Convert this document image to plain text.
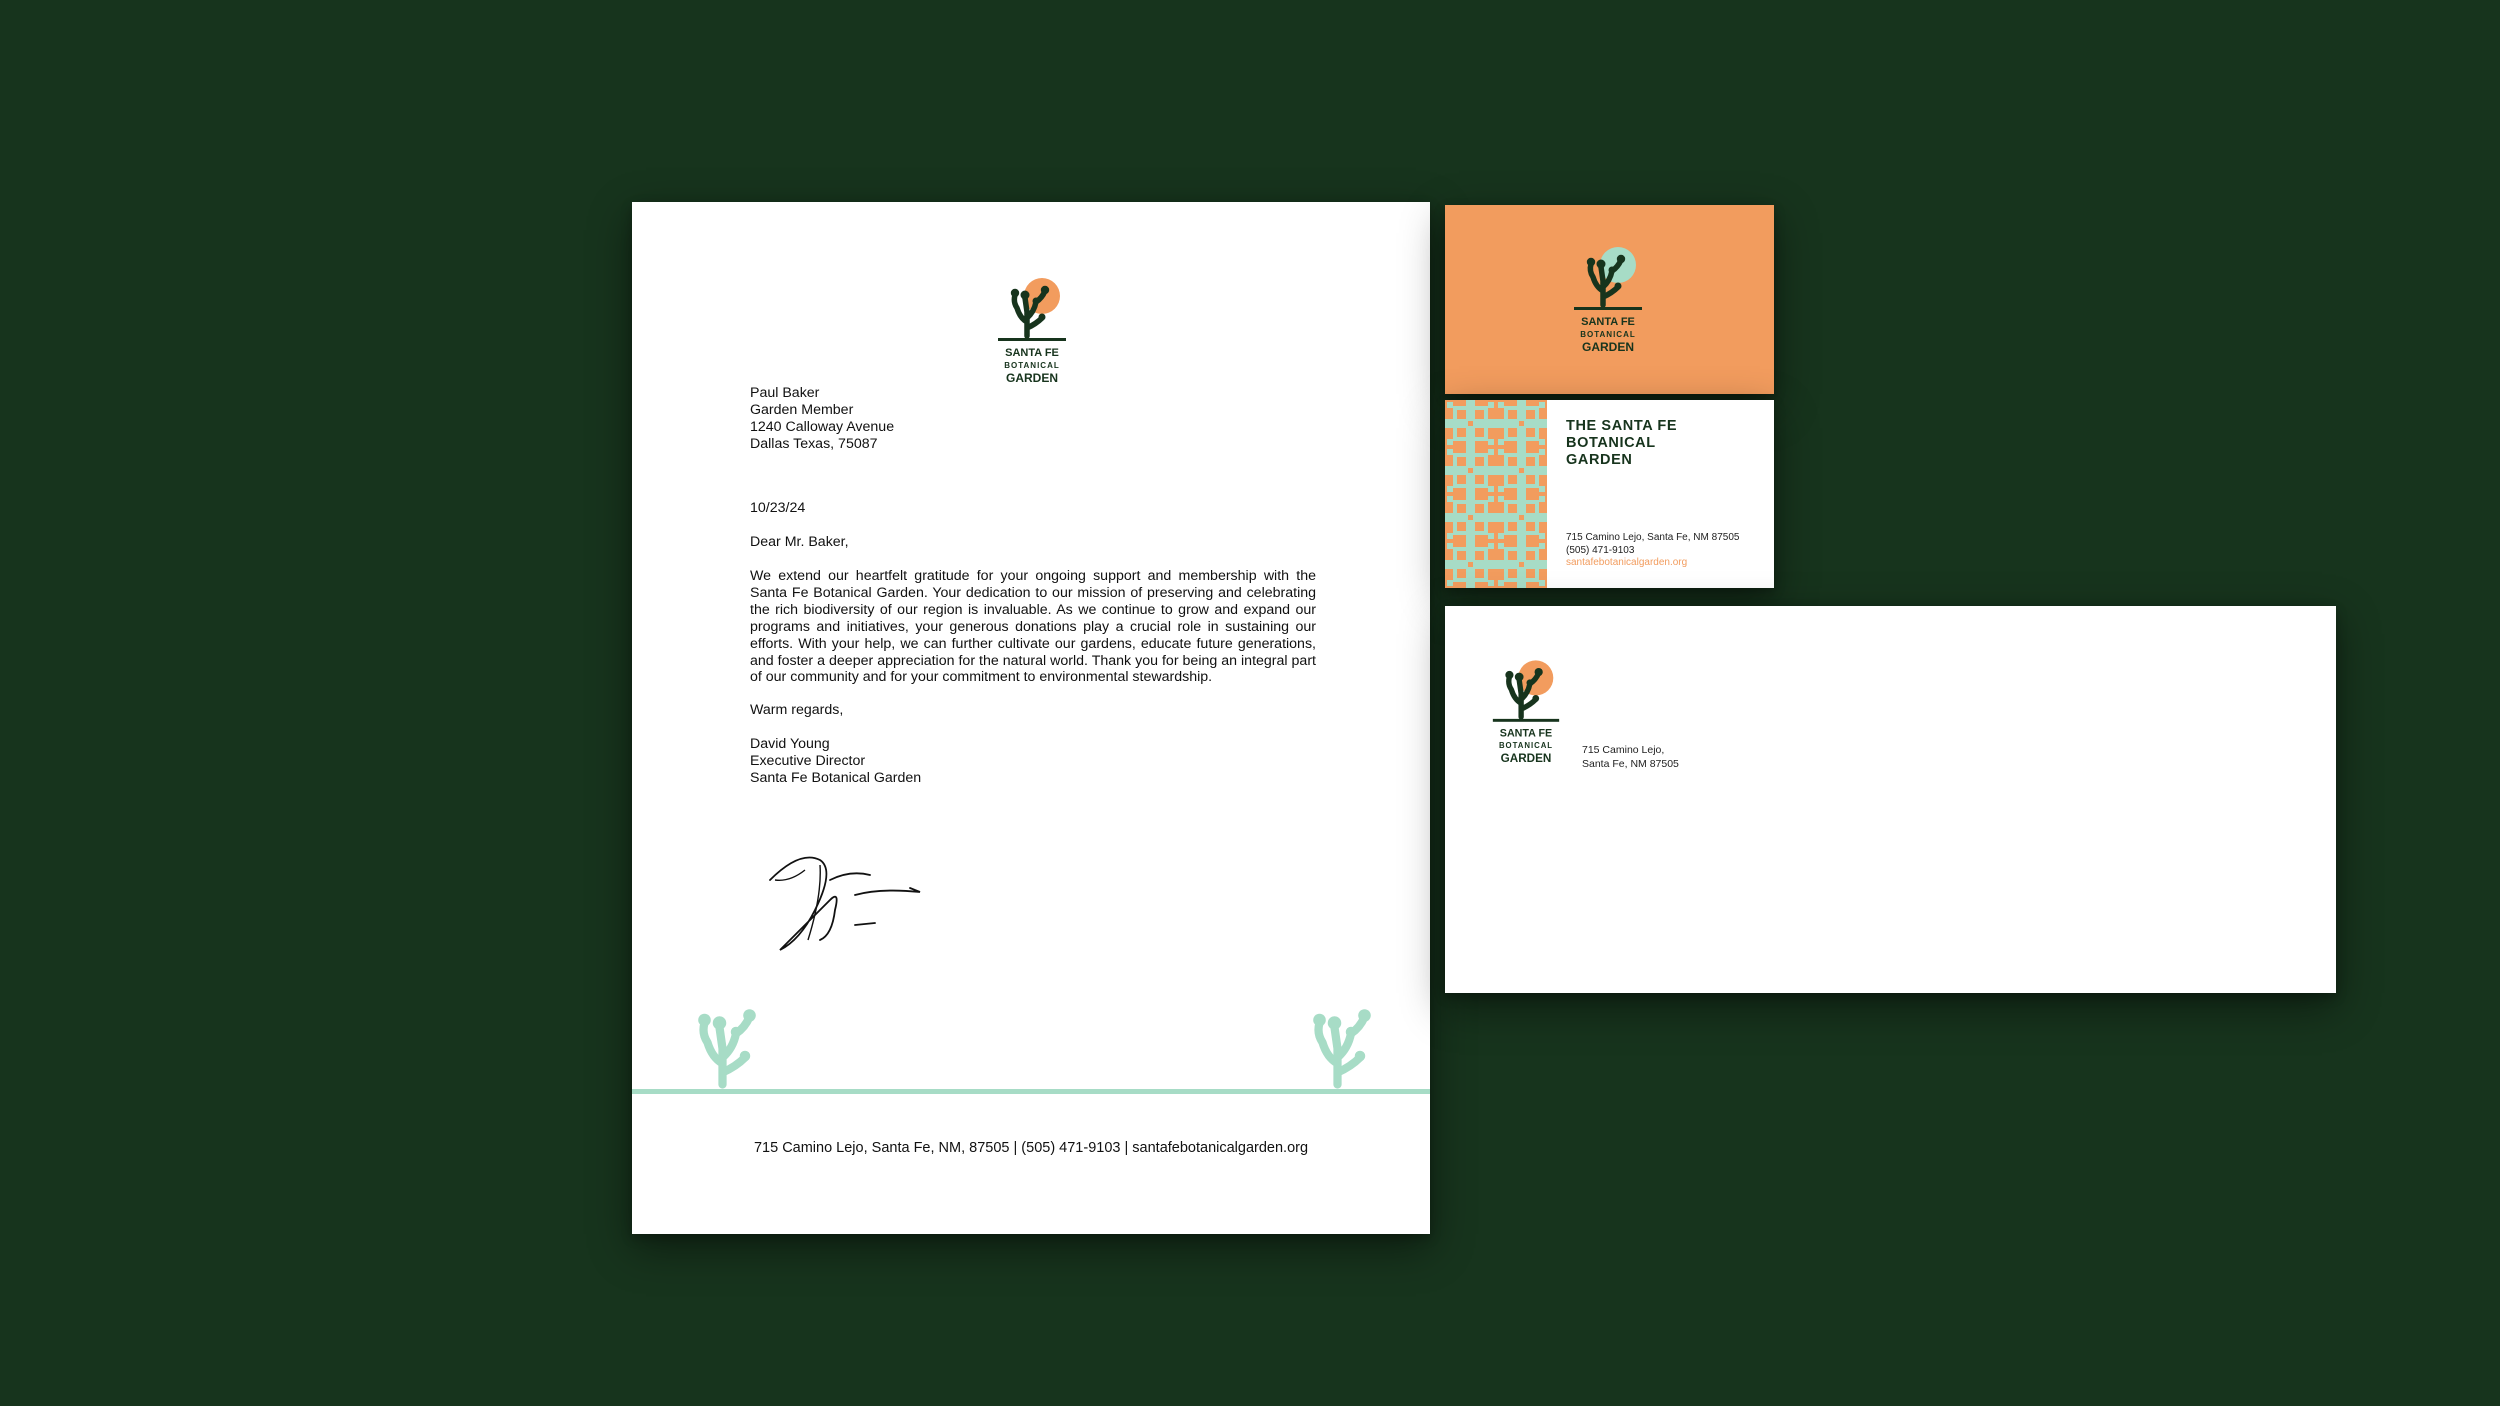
SANTA FE
BOTANICAL
GARDEN
Paul Baker
Garden Member
1240 Calloway Avenue
Dallas Texas, 75087
10/23/24
Dear Mr. Baker,
We extend our heartfelt gratitude for your ongoing support and membership with the Santa Fe Botanical Garden. Your dedication to our mission of preserving and celebrating the rich biodiversity of our region is invaluable. As we continue to grow and expand our programs and initiatives, your generous donations play a crucial role in sustaining our efforts. With your help, we can further cultivate our gardens, educate future generations, and foster a deeper appreciation for the natural world. Thank you for being an integral part of our community and for your commitment to environmental stewardship.
Warm regards,
David Young
Executive Director
Santa Fe Botanical Garden
715 Camino Lejo, Santa Fe, NM, 87505 | (505) 471-9103 | santafebotanicalgarden.org
SANTA FE
BOTANICAL
GARDEN
THE SANTA FE
BOTANICAL
GARDEN
715 Camino Lejo, Santa Fe, NM 87505
(505) 471-9103
santafebotanicalgarden.org
SANTA FE
BOTANICAL
GARDEN
715 Camino Lejo,
Santa Fe, NM 87505
